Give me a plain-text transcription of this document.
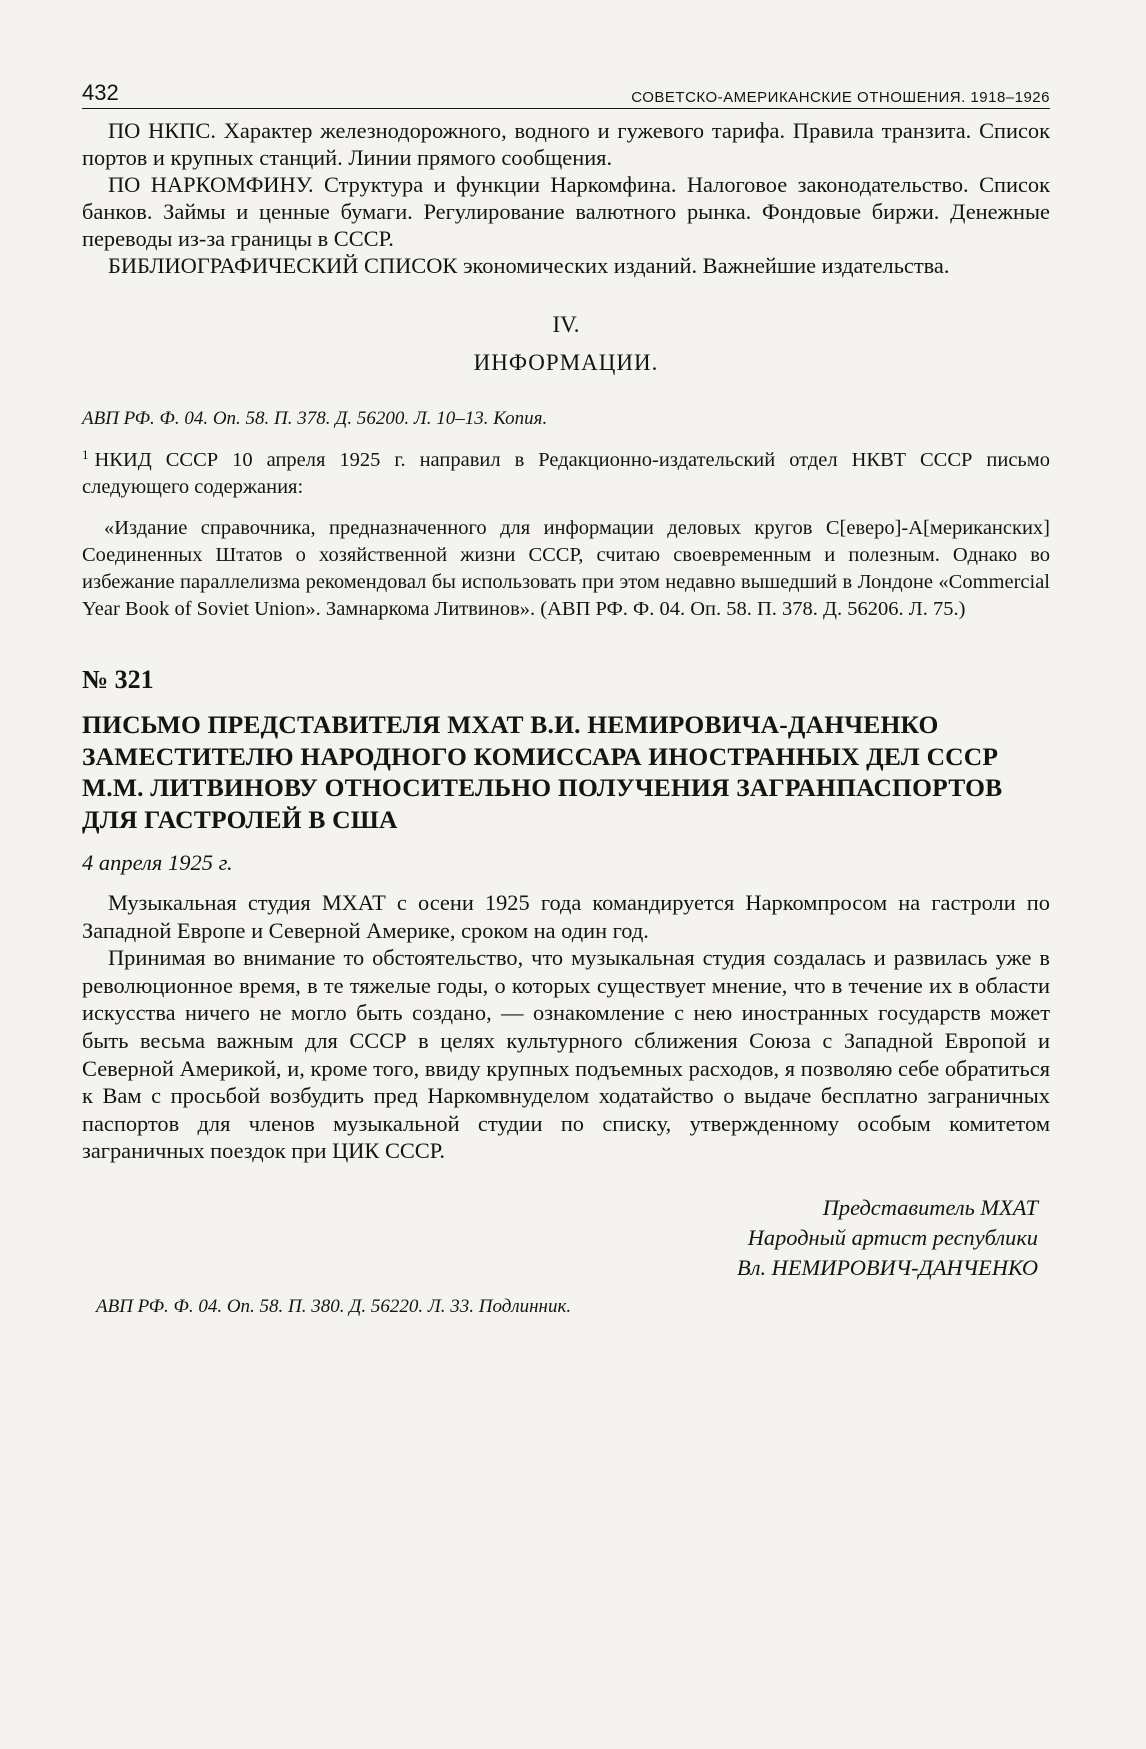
432	СОВЕТСКО-АМЕРИКАНСКИЕ ОТНОШЕНИЯ. 1918–1926

ПО НКПС. Характер железнодорожного, водного и гужевого тарифа. Правила транзита. Список портов и крупных станций. Линии прямого сообщения.

ПО НАРКОМФИНУ. Структура и функции Наркомфина. Налоговое законодательство. Список банков. Займы и ценные бумаги. Регулирование валютного рынка. Фондовые биржи. Денежные переводы из-за границы в СССР.

БИБЛИОГРАФИЧЕСКИЙ СПИСОК экономических изданий. Важнейшие издательства.

IV.

ИНФОРМАЦИИ.

АВП РФ. Ф. 04. Оп. 58. П. 378. Д. 56200. Л. 10–13. Копия.

$^1$ НКИД СССР 10 апреля 1925 г. направил в Редакционно-издательский отдел НКВТ СССР письмо следующего содержания:

«Издание справочника, предназначенного для информации деловых кругов С[еверо]-А[мериканских] Соединенных Штатов о хозяйственной жизни СССР, считаю своевременным и полезным. Однако во избежание параллелизма рекомендовал бы использовать при этом недавно вышедший в Лондоне «Commercial Year Book of Soviet Union». Замнаркома Литвинов». (АВП РФ. Ф. 04. Оп. 58. П. 378. Д. 56206. Л. 75.)

№ 321

ПИСЬМО ПРЕДСТАВИТЕЛЯ МХАТ В.И. НЕМИРОВИЧА-ДАНЧЕНКО ЗАМЕСТИТЕЛЮ НАРОДНОГО КОМИССАРА ИНОСТРАННЫХ ДЕЛ СССР М.М. ЛИТВИНОВУ ОТНОСИТЕЛЬНО ПОЛУЧЕНИЯ ЗАГРАНПАСПОРТОВ ДЛЯ ГАСТРОЛЕЙ В США

4 апреля 1925 г.

Музыкальная студия МХАТ с осени 1925 года командируется Наркомпросом на гастроли по Западной Европе и Северной Америке, сроком на один год.

Принимая во внимание то обстоятельство, что музыкальная студия создалась и развилась уже в революционное время, в те тяжелые годы, о которых существует мнение, что в течение их в области искусства ничего не могло быть создано, — ознакомление с нею иностранных государств может быть весьма важным для СССР в целях культурного сближения Союза с Западной Европой и Северной Америкой, и, кроме того, ввиду крупных подъемных расходов, я позволяю себе обратиться к Вам с просьбой возбудить пред Наркомвнуделом ходатайство о выдаче бесплатно заграничных паспортов для членов музыкальной студии по списку, утвержденному особым комитетом заграничных поездок при ЦИК СССР.

Представитель МХАТ

Народный артист республики

Вл. НЕМИРОВИЧ-ДАНЧЕНКО

АВП РФ. Ф. 04. Оп. 58. П. 380. Д. 56220. Л. 33. Подлинник.
